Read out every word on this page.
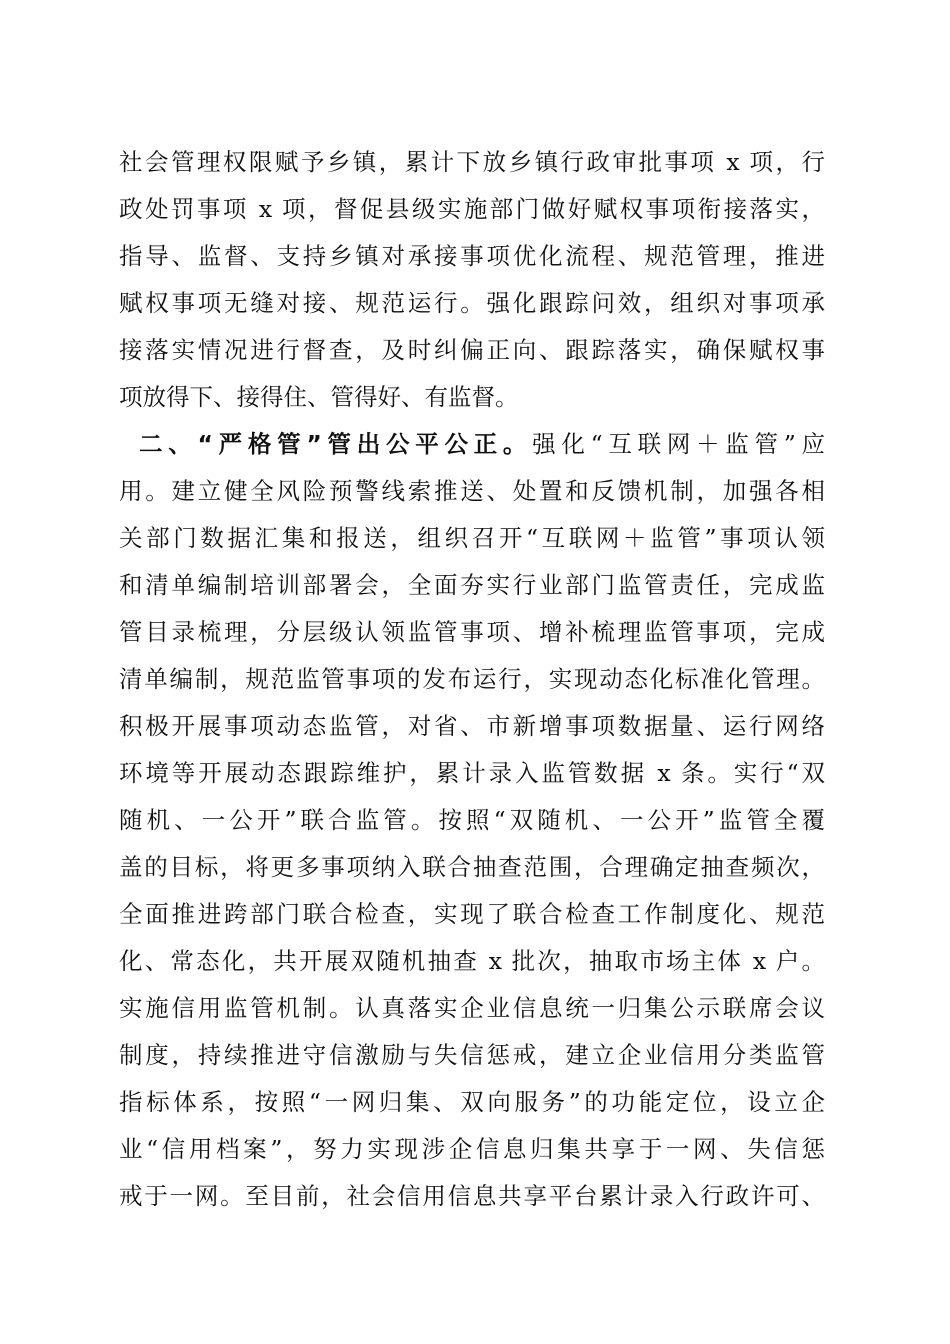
社会管理权限赋予乡镇，累计下放乡镇行政审批事项 x 项，行
政处罚事项 x 项，督促县级实施部门做好赋权事项衔接落实，
指导、监督、支持乡镇对承接事项优化流程、规范管理，推进
赋权事项无缝对接、规范运行。强化跟踪问效，组织对事项承
接落实情况进行督查，及时纠偏正向、跟踪落实，确保赋权事
项放得下、接得住、管得好、有监督。
二、“严格管”管出公平公正。强化“互联网＋监管”应
用。建立健全风险预警线索推送、处置和反馈机制，加强各相
关部门数据汇集和报送，组织召开“互联网＋监管”事项认领
和清单编制培训部署会，全面夯实行业部门监管责任，完成监
管目录梳理，分层级认领监管事项、增补梳理监管事项，完成
清单编制，规范监管事项的发布运行，实现动态化标准化管理。
积极开展事项动态监管，对省、市新增事项数据量、运行网络
环境等开展动态跟踪维护，累计录入监管数据 x 条。实行“双
随机、一公开”联合监管。按照“双随机、一公开”监管全覆
盖的目标，将更多事项纳入联合抽查范围，合理确定抽查频次，
全面推进跨部门联合检查，实现了联合检查工作制度化、规范
化、常态化，共开展双随机抽查 x 批次，抽取市场主体 x 户。
实施信用监管机制。认真落实企业信息统一归集公示联席会议
制度，持续推进守信激励与失信惩戒，建立企业信用分类监管
指标体系，按照“一网归集、双向服务”的功能定位，设立企
业“信用档案”，努力实现涉企信息归集共享于一网、失信惩
戒于一网。至目前，社会信用信息共享平台累计录入行政许可、
